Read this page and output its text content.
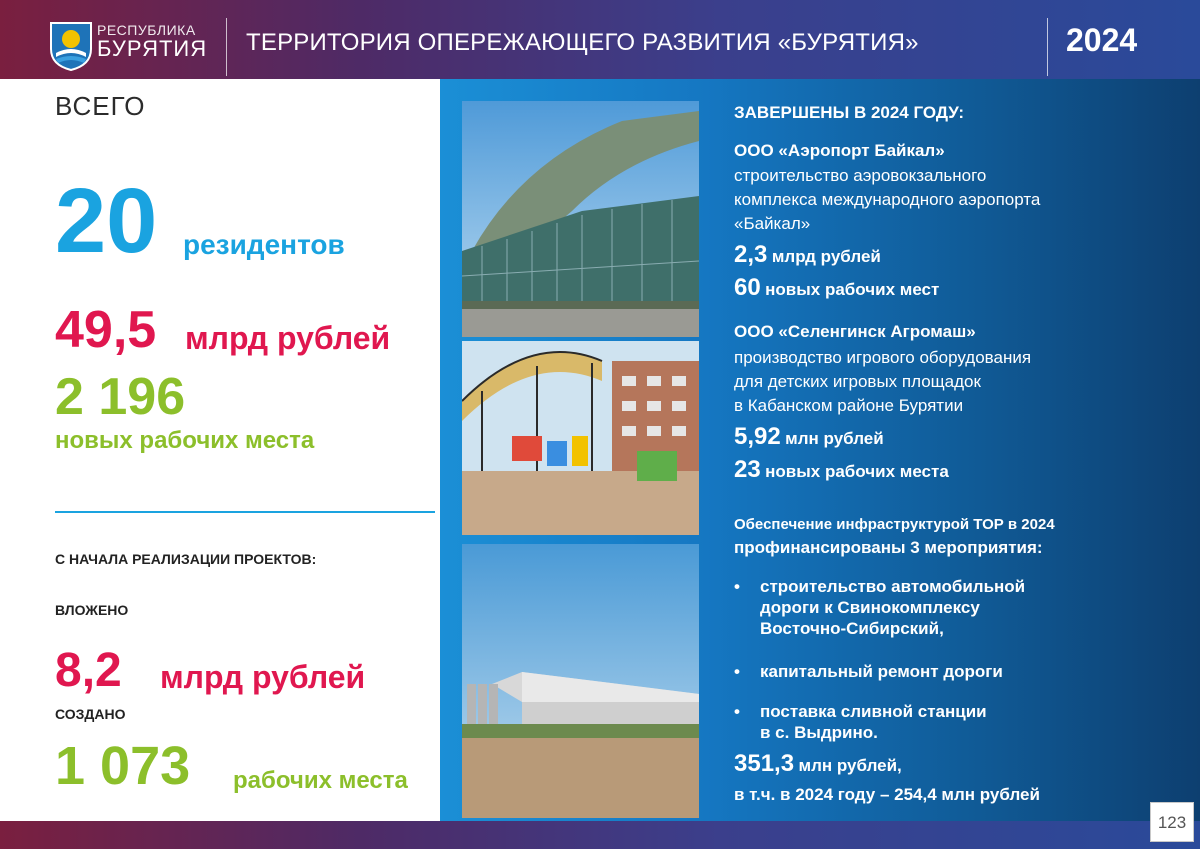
РЕСПУБЛИКА
БУРЯТИЯ ТЕРРИТОРИЯ ОПЕРЕЖАЮЩЕГО РАЗВИТИЯ «БУРЯТИЯ»	2024
ВСЕГО
20 резидентов
49,5 млрд рублей
2 196
новых рабочих места
С НАЧАЛА РЕАЛИЗАЦИИ ПРОЕКТОВ:
ВЛОЖЕНО
8,2 млрд рублей
СОЗДАНО
1 073 рабочих места
ЗАВЕРШЕНЫ В 2024 ГОДУ:
ООО «Аэропорт Байкал»
строительство аэровокзального
комплекса международного аэропорта
«Байкал»
2,3 млрд рублей
60 новых рабочих мест
ООО «Селенгинск Агромаш»
производство игрового оборудования
для детских игровых площадок
в Кабанском районе Бурятии
5,92 млн рублей
23 новых рабочих места
Обеспечение инфраструктурой ТОР в 2024
профинансированы 3 мероприятия:
• строительство автомобильной
дороги к Свинокомплексу
Восточно-Сибирский,
• капитальный ремонт дороги
• поставка сливной станции
в с. Выдрино.
351,3 млн рублей,
в т.ч. в 2024 году – 254,4 млн рублей
123
